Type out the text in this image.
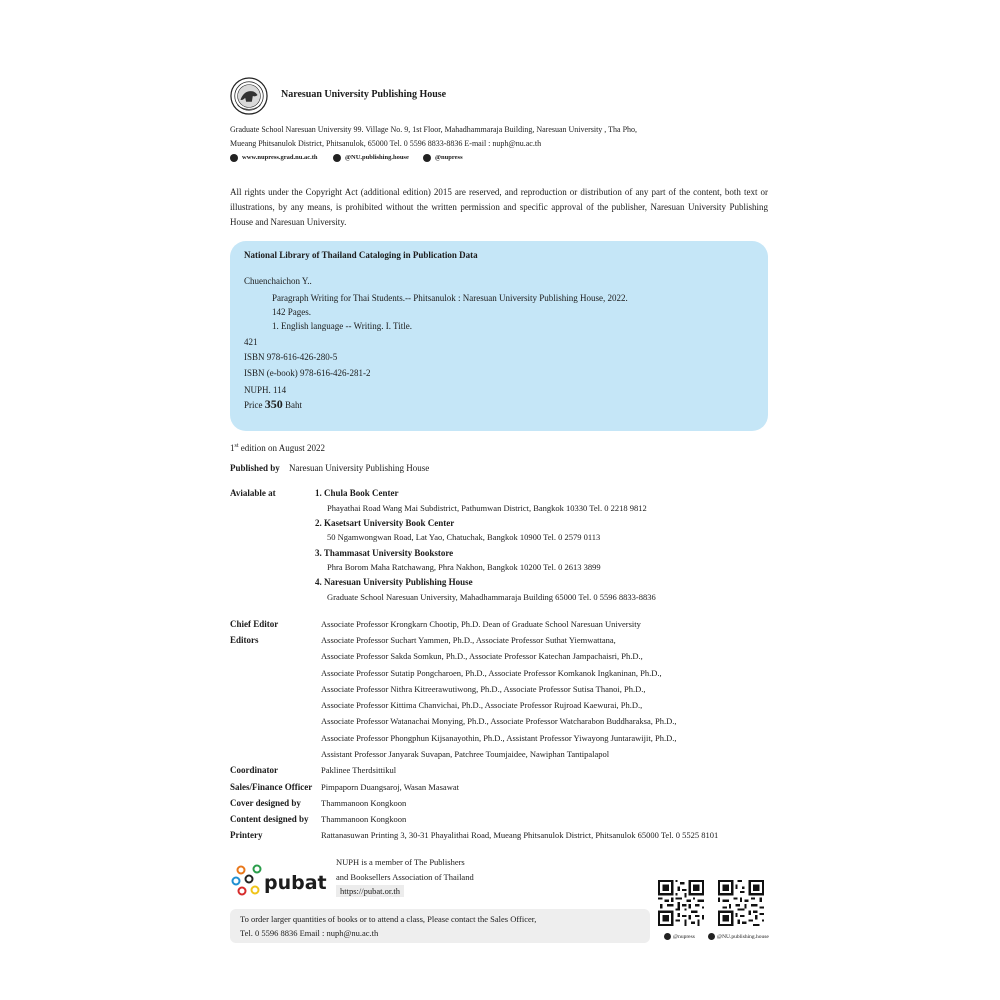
Naresuan University Publishing House
Graduate School Naresuan University 99. Village No. 9, 1st Floor, Mahadhammaraja Building, Naresuan University , Tha Pho,
Mueang Phitsanulok District, Phitsanulok, 65000 Tel. 0 5596 8833-8836 E-mail : nuph@nu.ac.th
www.nupress.grad.nu.ac.th	@NU.publishing.house	@nupress
All rights under the Copyright Act (additional edition) 2015 are reserved, and reproduction or distribution of any part of the content, both text or illustrations, by any means, is prohibited without the written permission and specific approval of the publisher, Naresuan University Publishing House and Naresuan University.
National Library of Thailand Cataloging in Publication Data
Chuenchaichon Y..
Paragraph Writing for Thai Students.-- Phitsanulok : Naresuan University Publishing House, 2022.
142 Pages.
1. English language -- Writing. I. Title.
421
ISBN 978-616-426-280-5
ISBN (e-book) 978-616-426-281-2
NUPH. 114
Price 350 Baht
1st edition on August 2022
Published by Naresuan University Publishing House
Avialable at	1. Chula Book Center
Phayathai Road Wang Mai Subdistrict, Pathumwan District, Bangkok 10330 Tel. 0 2218 9812
2. Kasetsart University Book Center
50 Ngamwongwan Road, Lat Yao, Chatuchak, Bangkok 10900 Tel. 0 2579 0113
3. Thammasat University Bookstore
Phra Borom Maha Ratchawang, Phra Nakhon, Bangkok 10200 Tel. 0 2613 3899
4. Naresuan University Publishing House
Graduate School Naresuan University, Mahadhammaraja Building 65000 Tel. 0 5596 8833-8836
Chief Editor	Associate Professor Krongkarn Chootip, Ph.D. Dean of Graduate School Naresuan University
Editors	Associate Professor Suchart Yammen, Ph.D., Associate Professor Suthat Yiemwattana,
Associate Professor Sakda Somkun, Ph.D., Associate Professor Katechan Jampachaisri, Ph.D.,
Associate Professor Sutatip Pongcharoen, Ph.D., Associate Professor Komkanok Ingkaninan, Ph.D.,
Associate Professor Nithra Kitreerawutiwong, Ph.D., Associate Professor Sutisa Thanoi, Ph.D.,
Associate Professor Kittima Chanvichai, Ph.D., Associate Professor Rujroad Kaewurai, Ph.D.,
Associate Professor Watanachai Monying, Ph.D., Associate Professor Watcharabon Buddharaksa, Ph.D.,
Associate Professor Phongphun Kijsanayothin, Ph.D., Assistant Professor Yiwayong Juntarawijit, Ph.D.,
Assistant Professor Janyarak Suvapan, Patchree Toumjaidee, Nawiphan Tantipalapol
Coordinator	Paklinee Therdsittikul
Sales/Finance Officer Pimpaporn Duangsaroj, Wasan Masawat
Cover designed by Thammanoon Kongkoon
Content designed by Thammanoon Kongkoon
Printery	Rattanasuwan Printing 3, 30-31 Phayalithai Road, Mueang Phitsanulok District, Phitsanulok 65000 Tel. 0 5525 8101
pubat
NUPH is a member of The Publishers
and Booksellers Association of Thailand
https://pubat.or.th
To order larger quantities of books or to attend a class, Please contact the Sales Officer,
Tel. 0 5596 8836 Email : nuph@nu.ac.th	@nupress	@NU.publishing.house
